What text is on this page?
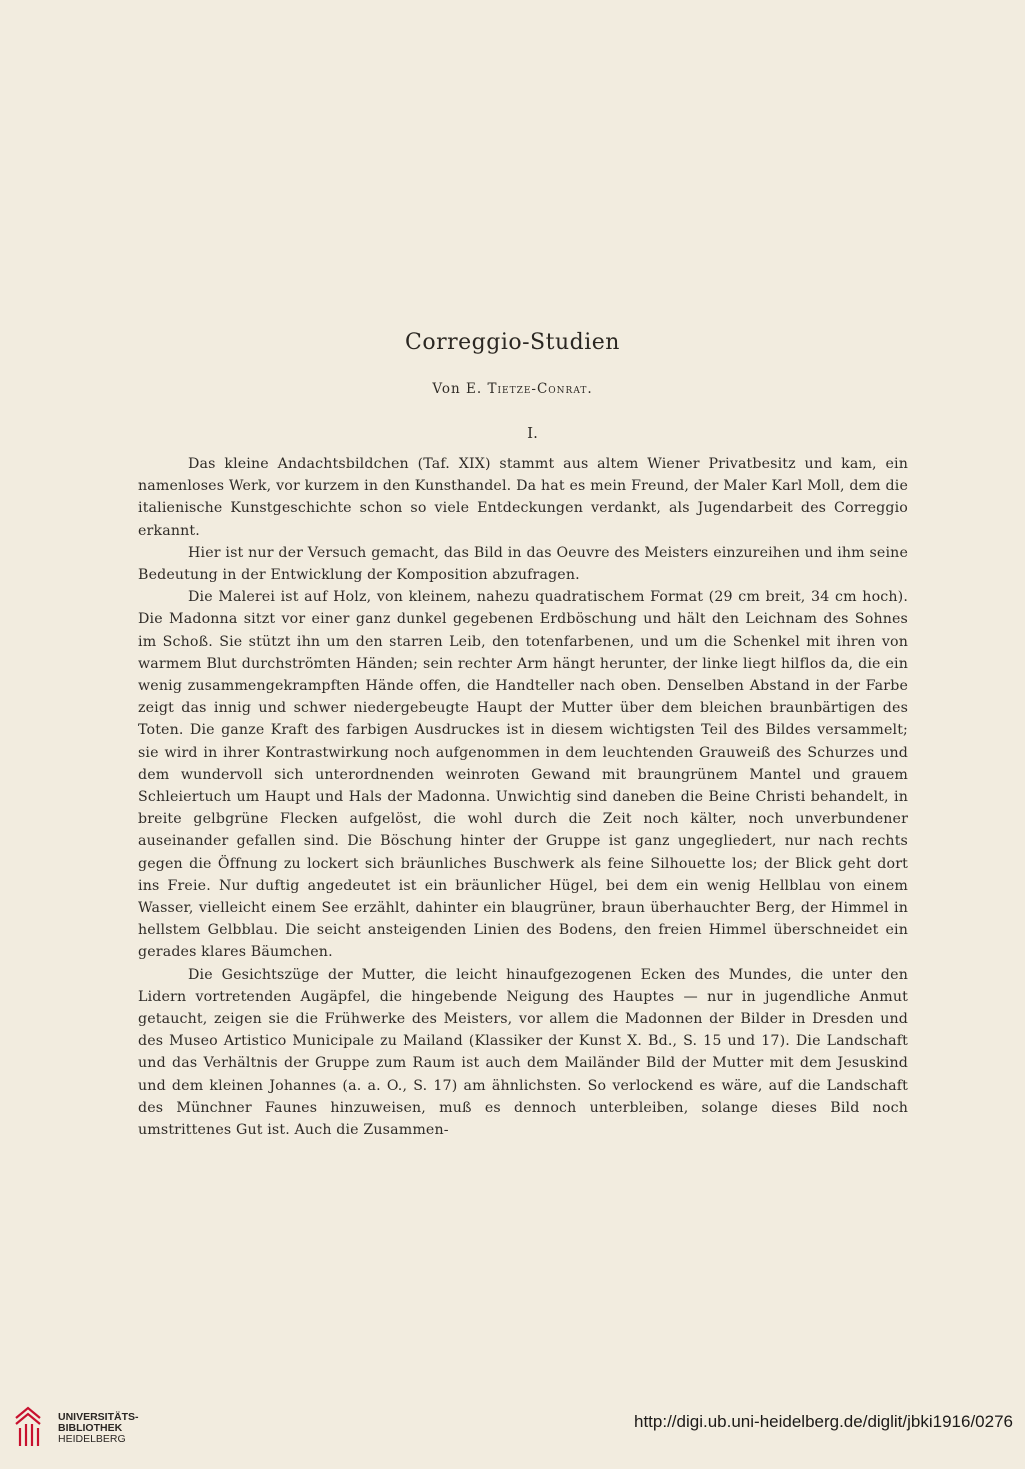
Correggio-Studien
Von E. Tietze-Conrat.
I.

Das kleine Andachtsbildchen (Taf. XIX) stammt aus altem Wiener Privatbesitz und kam, ein namenloses Werk, vor kurzem in den Kunsthandel. Da hat es mein Freund, der Maler Karl Moll, dem die italienische Kunstgeschichte schon so viele Entdeckungen verdankt, als Jugendarbeit des Correggio erkannt.

Hier ist nur der Versuch gemacht, das Bild in das Oeuvre des Meisters einzureihen und ihm seine Bedeutung in der Entwicklung der Komposition abzufragen.

Die Malerei ist auf Holz, von kleinem, nahezu quadratischem Format (29 cm breit, 34 cm hoch). Die Madonna sitzt vor einer ganz dunkel gegebenen Erdböschung und hält den Leichnam des Sohnes im Schoß. Sie stützt ihn um den starren Leib, den totenfarbenen, und um die Schenkel mit ihren von warmem Blut durchströmten Händen; sein rechter Arm hängt herunter, der linke liegt hilflos da, die ein wenig zusammengekrampften Hände offen, die Handteller nach oben. Denselben Abstand in der Farbe zeigt das innig und schwer niedergebeugte Haupt der Mutter über dem bleichen braunbärtigen des Toten. Die ganze Kraft des farbigen Ausdruckes ist in diesem wichtigsten Teil des Bildes versammelt; sie wird in ihrer Kontrastwirkung noch aufgenommen in dem leuchtenden Grauweiß des Schurzes und dem wundervoll sich unterordnenden weinroten Gewand mit braungrünem Mantel und grauem Schleiertuch um Haupt und Hals der Madonna. Unwichtig sind daneben die Beine Christi behandelt, in breite gelbgrüne Flecken aufgelöst, die wohl durch die Zeit noch kälter, noch unverbundener auseinander gefallen sind. Die Böschung hinter der Gruppe ist ganz ungegliedert, nur nach rechts gegen die Öffnung zu lockert sich bräunliches Buschwerk als feine Silhouette los; der Blick geht dort ins Freie. Nur duftig angedeutet ist ein bräunlicher Hügel, bei dem ein wenig Hellblau von einem Wasser, vielleicht einem See erzählt, dahinter ein blaugrüner, braun überhauchter Berg, der Himmel in hellstem Gelbblau. Die seicht ansteigenden Linien des Bodens, den freien Himmel überschneidet ein gerades klares Bäumchen.

Die Gesichtszüge der Mutter, die leicht hinaufgezogenen Ecken des Mundes, die unter den Lidern vortretenden Augäpfel, die hingebende Neigung des Hauptes — nur in jugendliche Anmut getaucht, zeigen sie die Frühwerke des Meisters, vor allem die Madonnen der Bilder in Dresden und des Museo Artistico Municipale zu Mailand (Klassiker der Kunst X. Bd., S. 15 und 17). Die Landschaft und das Verhältnis der Gruppe zum Raum ist auch dem Mailänder Bild der Mutter mit dem Jesuskind und dem kleinen Johannes (a. a. O., S. 17) am ähnlichsten. So verlockend es wäre, auf die Landschaft des Münchner Faunes hinzuweisen, muß es dennoch unterbleiben, solange dieses Bild noch umstrittenes Gut ist. Auch die Zusammen-

UNIVERSITÄTS-
BIBLIOTHEK
HEIDELBERG
http://digi.ub.uni-heidelberg.de/diglit/jbki1916/0276
